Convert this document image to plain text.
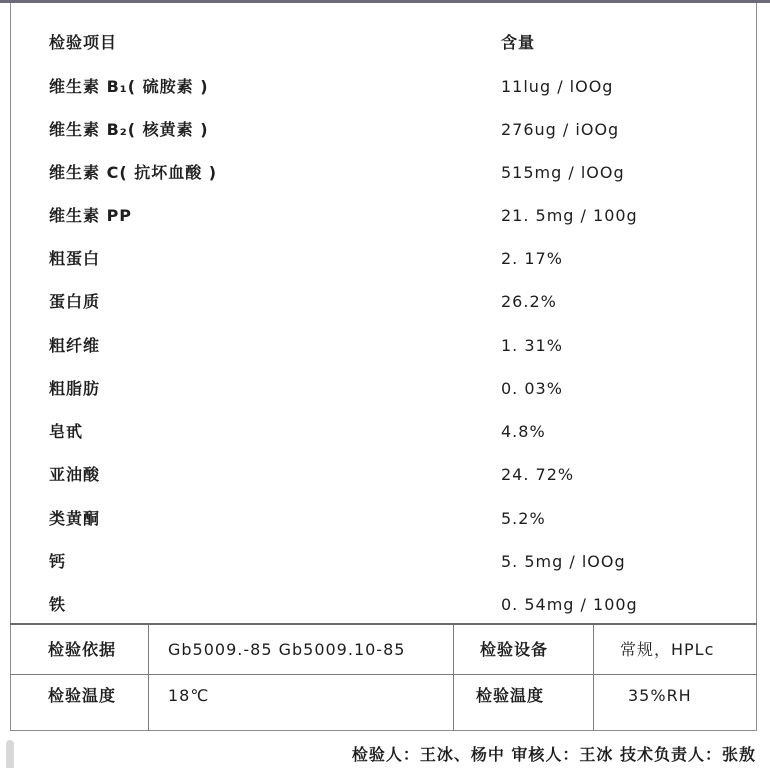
检验项目	含量
维生素 B₁( 硫胺素 )	11lug / lOOg
维生素 B₂( 核黄素 )	276ug / iOOg
维生素 C( 抗坏血酸 )	515mg / lOOg
维生素 PP	21. 5mg / 100g
粗蛋白	2. 17%
蛋白质	26.2%
粗纤维	1. 31%
粗脂肪	0. 03%
皂甙	4.8%
亚油酸	24. 72%
类黄酮	5.2%
钙	5. 5mg / lOOg
铁	0. 54mg / 100g
检验依据	Gb5009.-85 Gb5009.10-85	检验设备	常规，HPLc
检验温度	18℃	检验温度	35%RH
检验人：王冰、杨中 审核人：王冰 技术负责人：张敖
